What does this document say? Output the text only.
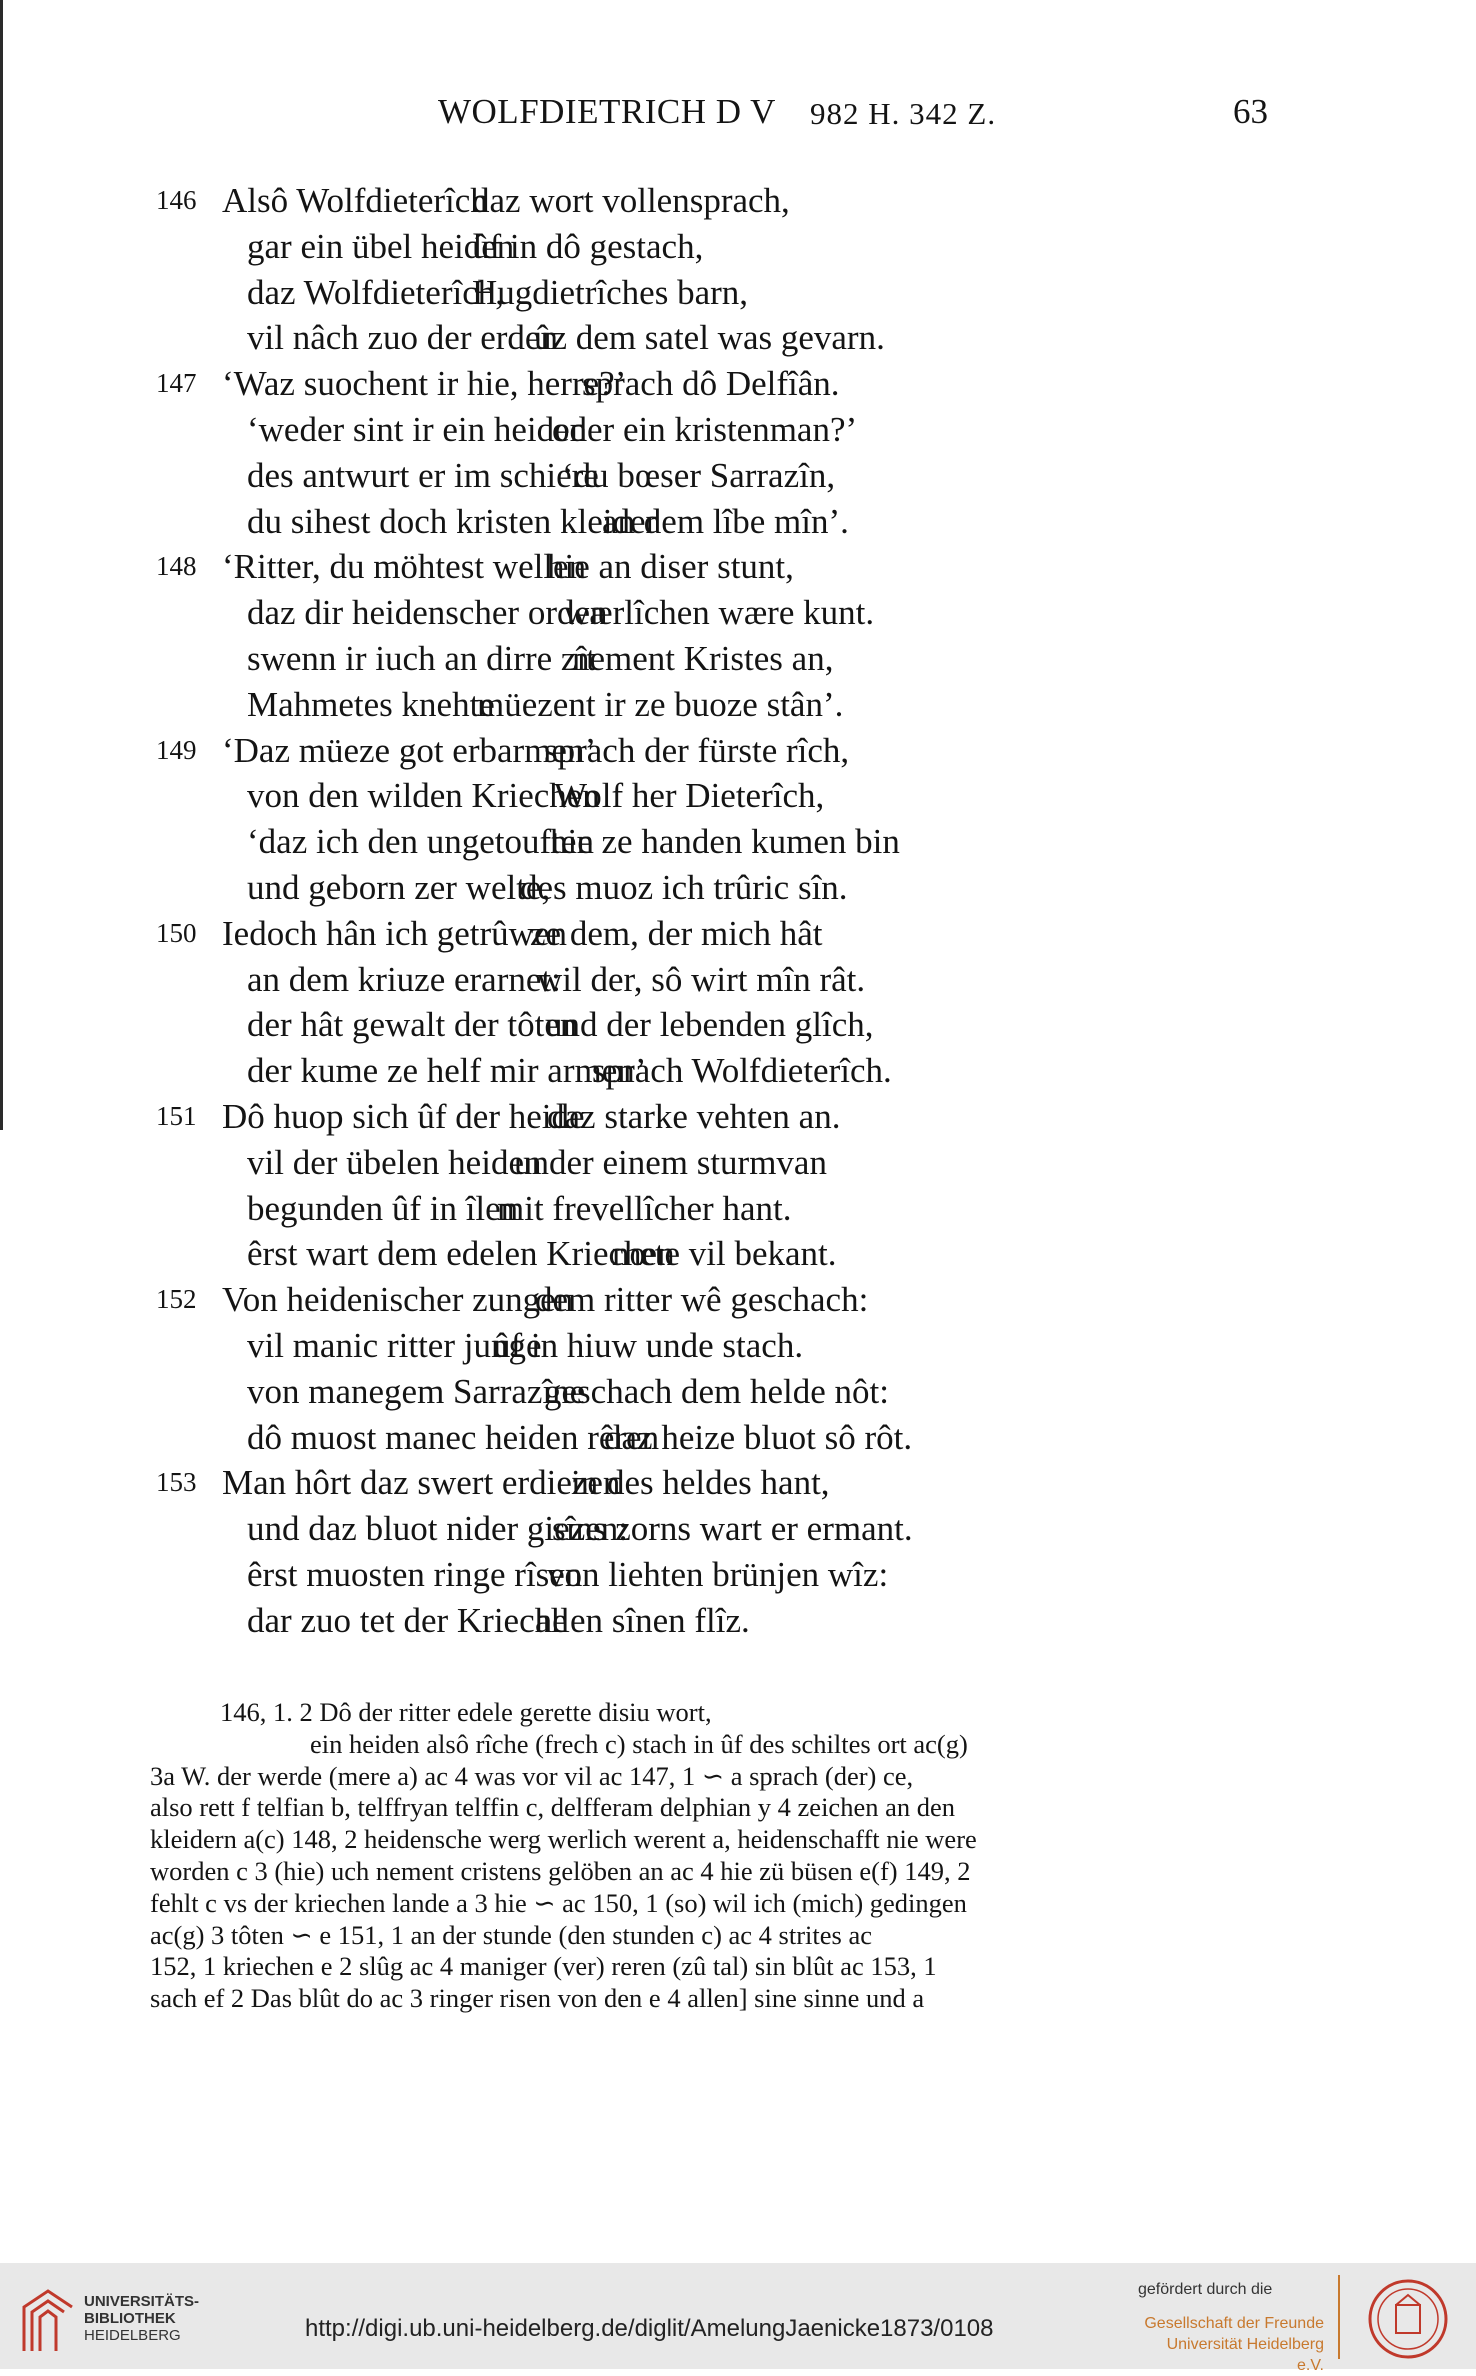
WOLFDIETRICH D V 982 H. 342 Z.	63
146 Alsô Wolfdieterîch
daz wort vollensprach,
gar ein übel heiden
ûf in dô gestach,
daz Wolfdieterîch,
Hugdietrîches barn,
vil nâch zuo der erden
ûz dem satel was gevarn.
147 ‘Waz suochent ir hie, herre?’
sprach dô Delfîân.
‘weder sint ir ein heiden
oder ein kristenman?’
des antwurt er im schiere
‘du bœser Sarrazîn,
du sihest doch kristen kleider
an dem lîbe mîn’.
148 ‘Ritter, du möhtest wellen
hie an diser stunt,
daz dir heidenscher orden
wærlîchen wære kunt.
swenn ir iuch an dirre zît
nement Kristes an,
Mahmetes knehte
müezent ir ze buoze stân’.
149 ‘Daz müeze got erbarmen’
sprach der fürste rîch,
von den wilden Kriechen
Wolf her Dieterîch,
‘daz ich den ungetouften
hie ze handen kumen bin
und geborn zer welte,
des muoz ich trûric sîn.
150 Iedoch hân ich getrûwen
ze dem, der mich hât
an dem kriuze erarnet:
wil der, sô wirt mîn rât.
der hât gewalt der tôten
und der lebenden glîch,
der kume ze helf mir armen’
sprach Wolfdieterîch.
151 Dô huop sich ûf der heide
daz starke vehten an.
vil der übelen heiden
under einem sturmvan
begunden ûf in îlen
mit frevellîcher hant.
êrst wart dem edelen Kriechen
nœte vil bekant.
152 Von heidenischer zungen
dem ritter wê geschach:
vil manic ritter junge
ûf in hiuw unde stach.
von manegem Sarrazîne
geschach dem helde nôt:
dô muost manec heiden rêren
daz heize bluot sô rôt.
153 Man hôrt daz swert erdiezen
in des heldes hant,
und daz bluot nider giezen:
sîns zorns wart er ermant.
êrst muosten ringe rîsen
von liehten brünjen wîz:
dar zuo tet der Krieche
allen sînen flîz.
146, 1. 2 Dô der ritter edele gerette disiu wort,
ein heiden alsô rîche (frech c) stach in ûf des schiltes ort ac(g)
3a W. der werde (mere a) ac 4 was vor vil ac 147, 1 ∽ a sprach (der) ce,
also rett f telfian b, telffryan telffin c, delfferam delphian y 4 zeichen an den
kleidern a(c) 148, 2 heidensche werg werlich werent a, heidenschafft nie were
worden c 3 (hie) uch nement cristens gelöben an ac 4 hie zü büsen e(f) 149, 2
fehlt c vs der kriechen lande a 3 hie ∽ ac 150, 1 (so) wil ich (mich) gedingen
ac(g) 3 tôten ∽ e 151, 1 an der stunde (den stunden c) ac 4 strites ac
152, 1 kriechen e 2 slûg ac 4 maniger (ver) reren (zû tal) sin blût ac 153, 1
sach ef 2 Das blût do ac 3 ringer risen von den e 4 allen] sine sinne und a
UNIVERSITÄTS-
BIBLIOTHEK
HEIDELBERG	http://digi.ub.uni-heidelberg.de/diglit/AmelungJaenicke1873/0108
gefördert durch die
Gesellschaft der Freunde
Universität Heidelberg e.V.
